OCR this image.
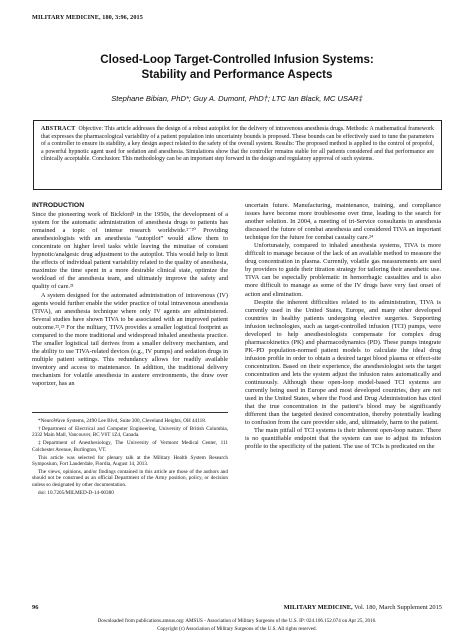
MILITARY MEDICINE, 180, 3:96, 2015
Closed-Loop Target-Controlled Infusion Systems:
Stability and Performance Aspects
Stephane Bibian, PhD*; Guy A. Dumont, PhD†; LTC Ian Black, MC USAR‡
ABSTRACT Objective: This article addresses the design of a robust autopilot for the delivery of intravenous anesthesia drugs. Methods: A mathematical framework that expresses the pharmacological variability of a patient population into uncertainty bounds is proposed. These bounds can be effectively used to tune the parameters of a controller to ensure its stability, a key design aspect related to the safety of the overall system. Results: The proposed method is applied to the control of propofol, a powerful hypnotic agent used for sedation and anesthesia. Simulations show that the controller remains stable for all patients considered and that performance are clinically acceptable. Conclusion: This methodology can be an important step forward in the design and regulatory approval of such systems.
INTRODUCTION

Since the pioneering work of Bickford¹ in the 1950s, the development of a system for the automatic administration of anesthesia drugs to patients has remained a topic of intense research worldwide.²⁻²⁰ Providing anesthesiologists with an anesthesia “autopilot” would allow them to concentrate on higher level tasks while leaving the minutiae of constant hypnotic/analgesic drug adjustment to the autopilot. This would help to limit the effects of individual patient variability related to the quality of anesthesia, maximize the time spent in a more desirable clinical state, optimize the workload of the anesthesia team, and ultimately improve the safety and quality of care.²¹

A system designed for the automated administration of intravenous (IV) agents would further enable the wider practice of total intravenous anesthesia (TIVA), an anesthesia technique where only IV agents are administered. Several studies have shown TIVA to be associated with an improved patient outcome.²²,²³ For the military, TIVA provides a smaller logistical footprint as compared to the more traditional and widespread inhaled anesthesia practice. The smaller logistical tail derives from a smaller delivery mechanism, and the ability to use TIVA-related devices (e.g., IV pumps) and sedation drugs in multiple patient settings. This redundancy allows for readily available inventory and access to maintenance. In addition, the traditional delivery mechanism for volatile anesthesia in austere environments, the draw over vaporizer, has an

*NeuroWave Systems, 2490 Lee Blvd, Suite 300, Cleveland Heights, OH 44118.

†Department of Electrical and Computer Engineering, University of British Columbia, 2332 Main Mall, Vancouver, BC V6T 1Z4, Canada.

‡Department of Anesthesiology, The University of Vermont Medical Center, 111 Colchester Avenue, Burlington, VT.

This article was selected for plenary talk at the Military Health System Research Symposium, Fort Lauderdale, Flordia, August 14, 2013.

The views, opinions, and/or findings contained in this article are those of the authors and should not be construed as an official Department of the Army position, policy, or decision unless so designated by other documentation.

doi: 10.7205/MILMED-D-14-00380

uncertain future. Manufacturing, maintenance, training, and compliance issues have become more troublesome over time, leading to the search for another solution. In 2004, a meeting of tri-Service consultants in anesthesia discussed the future of combat anesthesia and considered TIVA an important technique for the future for combat casualty care.²⁴

Unfortunately, compared to inhaled anesthesia systems, TIVA is more difficult to manage because of the lack of an available method to measure the drug concentration in plasma. Currently, volatile gas measurements are used by providers to guide their titration strategy for tailoring their anesthetic use. TIVA can be especially problematic in hemorrhagic casualties and is also more difficult to manage as some of the IV drugs have very fast onset of action and elimination.

Despite the inherent difficulties related to its administration, TIVA is currently used in the United States, Europe, and many other developed countries in healthy patients undergoing elective surgeries. Supporting infusion technologies, such as target-controlled infusion (TCI) pumps, were developed to help anesthesiologists compensate for complex drug pharmacokinetics (PK) and pharmacodynamics (PD). These pumps integrate PK–PD population-normed patient models to calculate the ideal drug infusion profile in order to obtain a desired target blood plasma or effect-site concentration. Based on their experience, the anesthesiologist sets the target concentration and lets the system adjust the infusion rates automatically and continuously. Although these open-loop model-based TCI systems are currently being used in Europe and most developed countries, they are not used in the United States, where the Food and Drug Administration has cited that the true concentration in the patient’s blood may be significantly different than the targeted desired concentration, thereby potentially leading to confusion from the care provider side, and, ultimately, harm to the patient.

The main pitfall of TCI systems is their inherent open-loop nature. There is no quantifiable endpoint that the system can use to adjust its infusion profile to the specificity of the patient. The use of TCIs is predicated on the

96	MILITARY MEDICINE, Vol. 180, March Supplement 2015
Downloaded from publications.amsus.org: AMSUS - Association of Military Surgeons of the U.S. IP: 024.106.152.074 on Apr 25, 2016.
Copyright (c) Association of Military Surgeons of the U.S. All rights reserved.
